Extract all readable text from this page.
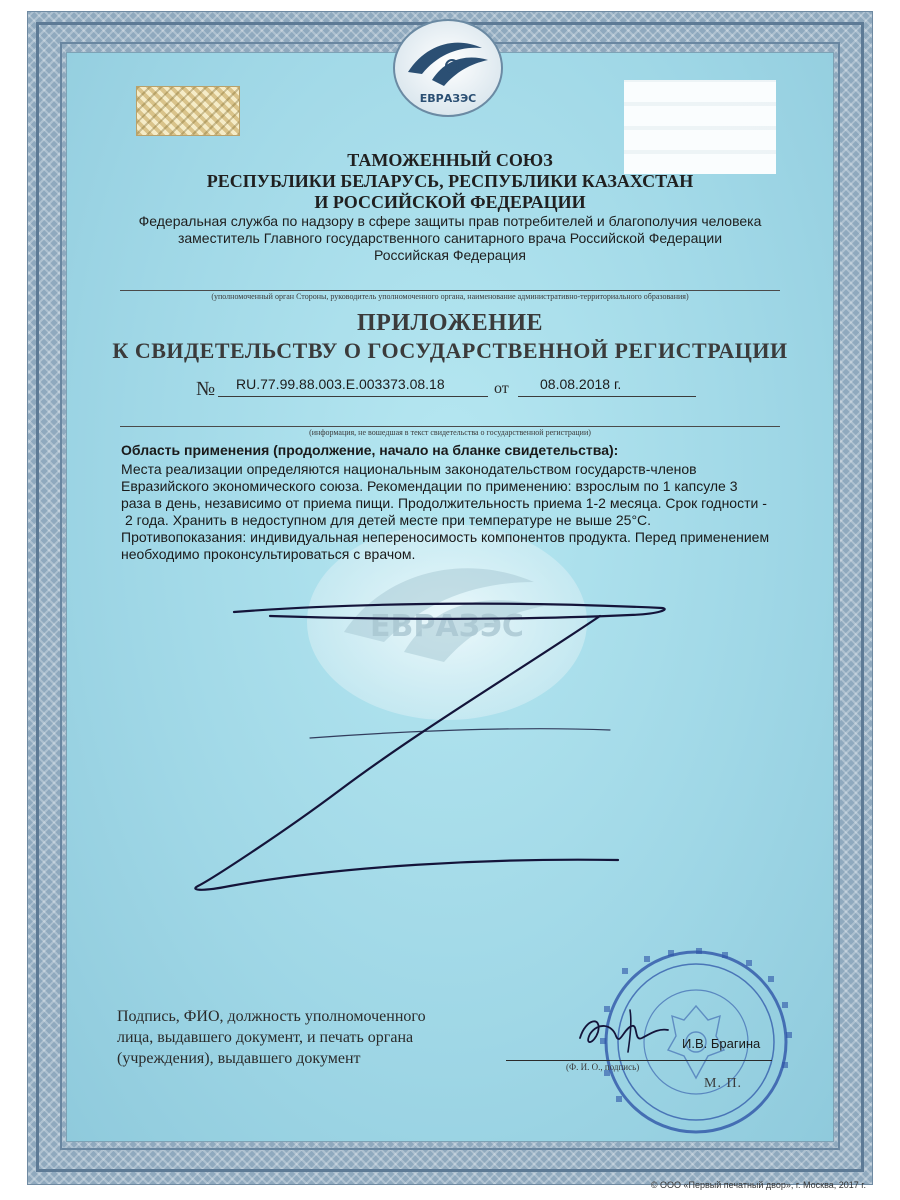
ЕВРАЗЭС
ЕВРАЗЭС
ТАМОЖЕННЫЙ СОЮЗ
РЕСПУБЛИКИ БЕЛАРУСЬ, РЕСПУБЛИКИ КАЗАХСТАН
И РОССИЙСКОЙ ФЕДЕРАЦИИ
Федеральная служба по надзору в сфере защиты прав потребителей и благополучия человека
заместитель Главного государственного санитарного врача Российской Федерации
Российская Федерация
(уполномоченный орган Стороны, руководитель уполномоченного органа, наименование административно-территориального образования)
ПРИЛОЖЕНИЕ
К СВИДЕТЕЛЬСТВУ О ГОСУДАРСТВЕННОЙ РЕГИСТРАЦИИ
№ RU.77.99.88.003.E.003373.08.18	от 08.08.2018 г.
(информация, не вошедшая в текст свидетельства о государственной регистрации)
Область применения (продолжение, начало на бланке свидетельства):
Места реализации определяются национальным законодательством государств-членов
Евразийского экономического союза. Рекомендации по применению: взрослым по 1 капсуле 3
раза в день, независимо от приема пищи. Продолжительность приема 1-2 месяца. Срок годности -
2 года. Хранить в недоступном для детей месте при температуре не выше 25°С.
Противопоказания: индивидуальная непереносимость компонентов продукта. Перед применением
необходимо проконсультироваться с врачом.
Подпись, ФИО, должность уполномоченного
лица, выдавшего документ, и печать органа
(учреждения), выдавшего документ
И.В. Брагина
(Ф. И. О., подпись)
М. П.
© ООО «Первый печатный двор», г. Москва, 2017 г.
